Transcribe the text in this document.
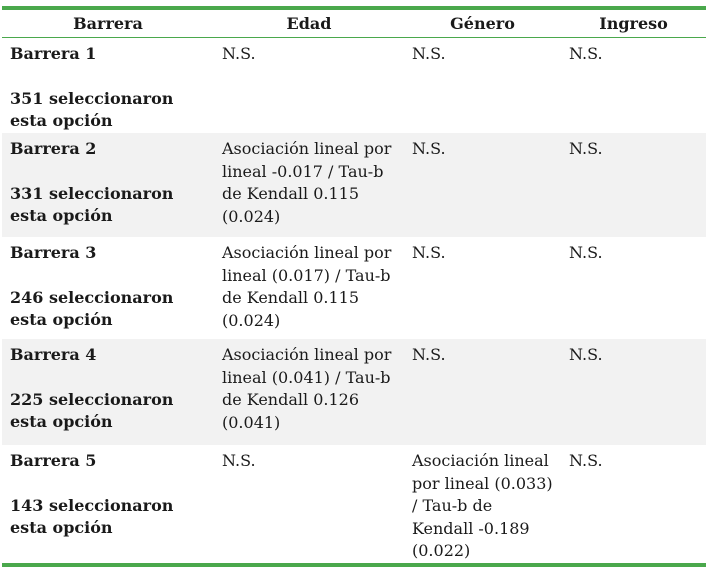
Barrera	Edad	Género	Ingreso

Barrera 1
351 seleccionaron esta opción	N.S.	N.S.	N.S.

Barrera 2
331 seleccionaron esta opción	Asociación lineal por lineal -0.017 / Tau-b de Kendall 0.115 (0.024)	N.S.	N.S.

Barrera 3
246 seleccionaron esta opción	Asociación lineal por lineal (0.017) / Tau-b de Kendall 0.115 (0.024)	N.S.	N.S.

Barrera 4
225 seleccionaron esta opción	Asociación lineal por lineal (0.041) / Tau-b de Kendall 0.126 (0.041)	N.S.	N.S.

Barrera 5
143 seleccionaron esta opción	N.S.	Asociación lineal por lineal (0.033) / Tau-b de Kendall -0.189 (0.022)	N.S.
